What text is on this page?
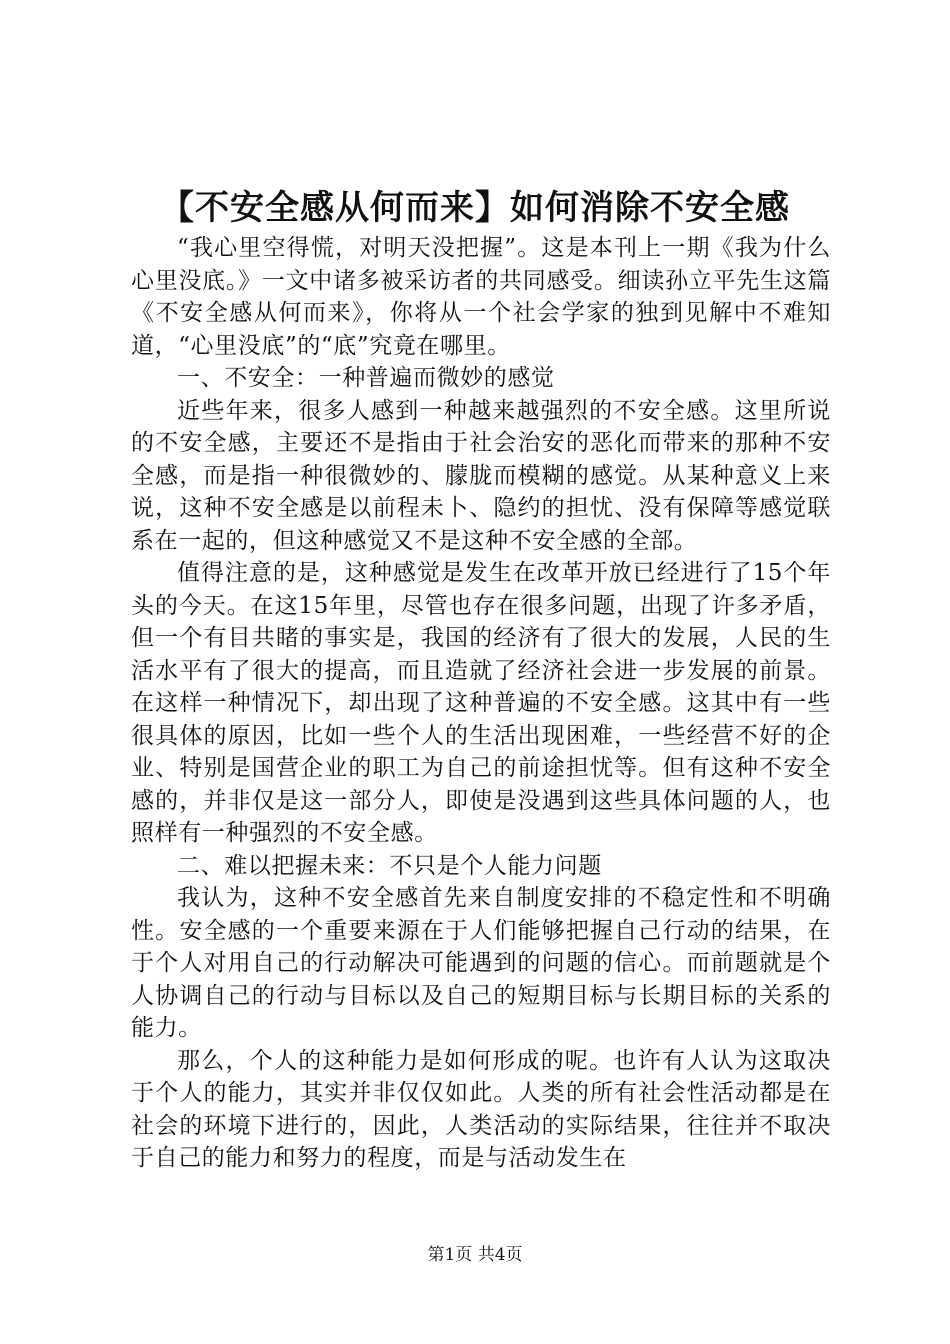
【不安全感从何而来】如何消除不安全感

“我心里空得慌，对明天没把握”。这是本刊上一期《我为什么心里没底。》一文中诸多被采访者的共同感受。细读孙立平先生这篇《不安全感从何而来》，你将从一个社会学家的独到见解中不难知道，“心里没底”的“底”究竟在哪里。

一、不安全：一种普遍而微妙的感觉

近些年来，很多人感到一种越来越强烈的不安全感。这里所说的不安全感，主要还不是指由于社会治安的恶化而带来的那种不安全感，而是指一种很微妙的、朦胧而模糊的感觉。从某种意义上来说，这种不安全感是以前程未卜、隐约的担忧、没有保障等感觉联系在一起的，但这种感觉又不是这种不安全感的全部。

值得注意的是，这种感觉是发生在改革开放已经进行了15个年头的今天。在这15年里，尽管也存在很多问题，出现了许多矛盾，但一个有目共睹的事实是，我国的经济有了很大的发展，人民的生活水平有了很大的提高，而且造就了经济社会进一步发展的前景。在这样一种情况下，却出现了这种普遍的不安全感。这其中有一些很具体的原因，比如一些个人的生活出现困难，一些经营不好的企业、特别是国营企业的职工为自己的前途担忧等。但有这种不安全感的，并非仅是这一部分人，即使是没遇到这些具体问题的人，也照样有一种强烈的不安全感。

二、难以把握未来：不只是个人能力问题

我认为，这种不安全感首先来自制度安排的不稳定性和不明确性。安全感的一个重要来源在于人们能够把握自己行动的结果，在于个人对用自己的行动解决可能遇到的问题的信心。而前题就是个人协调自己的行动与目标以及自己的短期目标与长期目标的关系的能力。

那么，个人的这种能力是如何形成的呢。也许有人认为这取决于个人的能力，其实并非仅仅如此。人类的所有社会性活动都是在社会的环境下进行的，因此，人类活动的实际结果，往往并不取决于自己的能力和努力的程度，而是与活动发生在

第1页 共4页
